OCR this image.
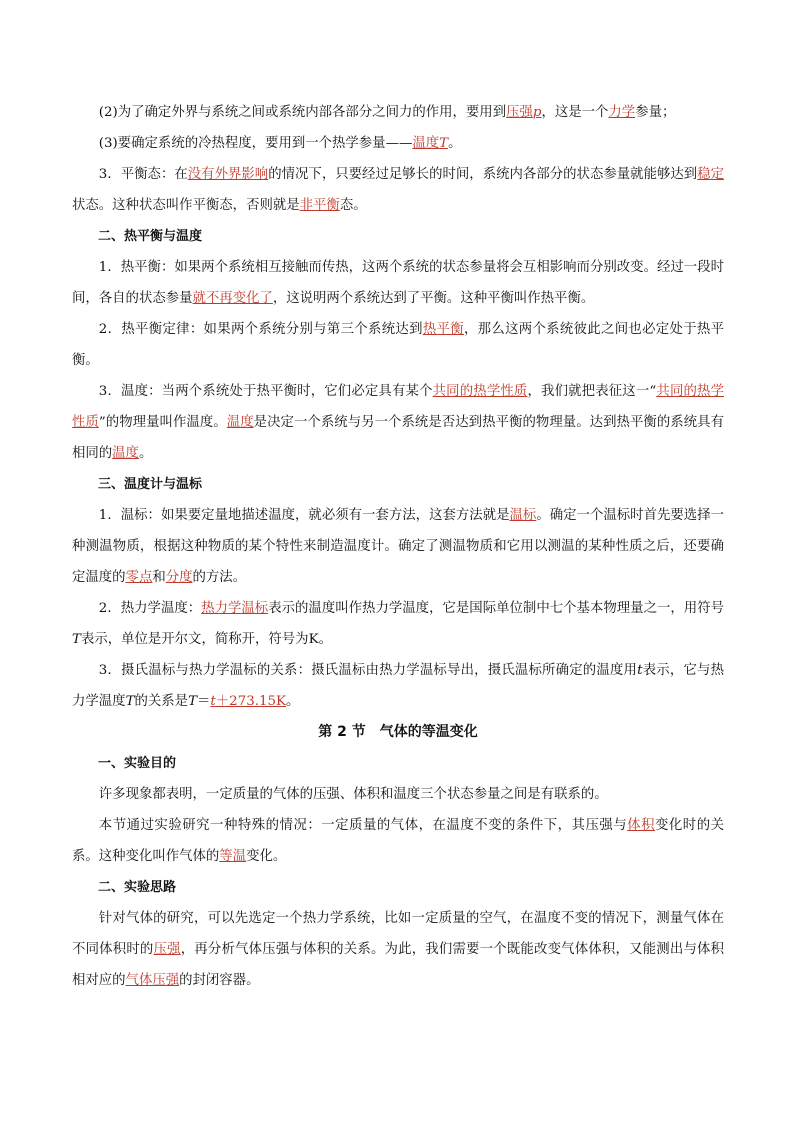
(2)为了确定外界与系统之间或系统内部各部分之间力的作用，要用到压强p，这是一个力学参量；

(3)要确定系统的冷热程度，要用到一个热学参量——温度T。

3．平衡态：在没有外界影响的情况下，只要经过足够长的时间，系统内各部分的状态参量就能够达到稳定状态。这种状态叫作平衡态，否则就是非平衡态。

二、热平衡与温度

1．热平衡：如果两个系统相互接触而传热，这两个系统的状态参量将会互相影响而分别改变。经过一段时间，各自的状态参量就不再变化了，这说明两个系统达到了平衡。这种平衡叫作热平衡。

2．热平衡定律：如果两个系统分别与第三个系统达到热平衡，那么这两个系统彼此之间也必定处于热平衡。

3．温度：当两个系统处于热平衡时，它们必定具有某个共同的热学性质，我们就把表征这一“共同的热学性质”的物理量叫作温度。温度是决定一个系统与另一个系统是否达到热平衡的物理量。达到热平衡的系统具有相同的温度。

三、温度计与温标

1．温标：如果要定量地描述温度，就必须有一套方法，这套方法就是温标。确定一个温标时首先要选择一种测温物质，根据这种物质的某个特性来制造温度计。确定了测温物质和它用以测温的某种性质之后，还要确定温度的零点和分度的方法。

2．热力学温度：热力学温标表示的温度叫作热力学温度，它是国际单位制中七个基本物理量之一，用符号T表示，单位是开尔文，简称开，符号为K。

3．摄氏温标与热力学温标的关系：摄氏温标由热力学温标导出，摄氏温标所确定的温度用t表示，它与热力学温度T的关系是T＝t＋273.15K。

第 2 节　气体的等温变化
一、实验目的

许多现象都表明，一定质量的气体的压强、体积和温度三个状态参量之间是有联系的。

本节通过实验研究一种特殊的情况：一定质量的气体，在温度不变的条件下，其压强与体积变化时的关系。这种变化叫作气体的等温变化。

二、实验思路

针对气体的研究，可以先选定一个热力学系统，比如一定质量的空气，在温度不变的情况下，测量气体在不同体积时的压强，再分析气体压强与体积的关系。为此，我们需要一个既能改变气体体积，又能测出与体积相对应的气体压强的封闭容器。
